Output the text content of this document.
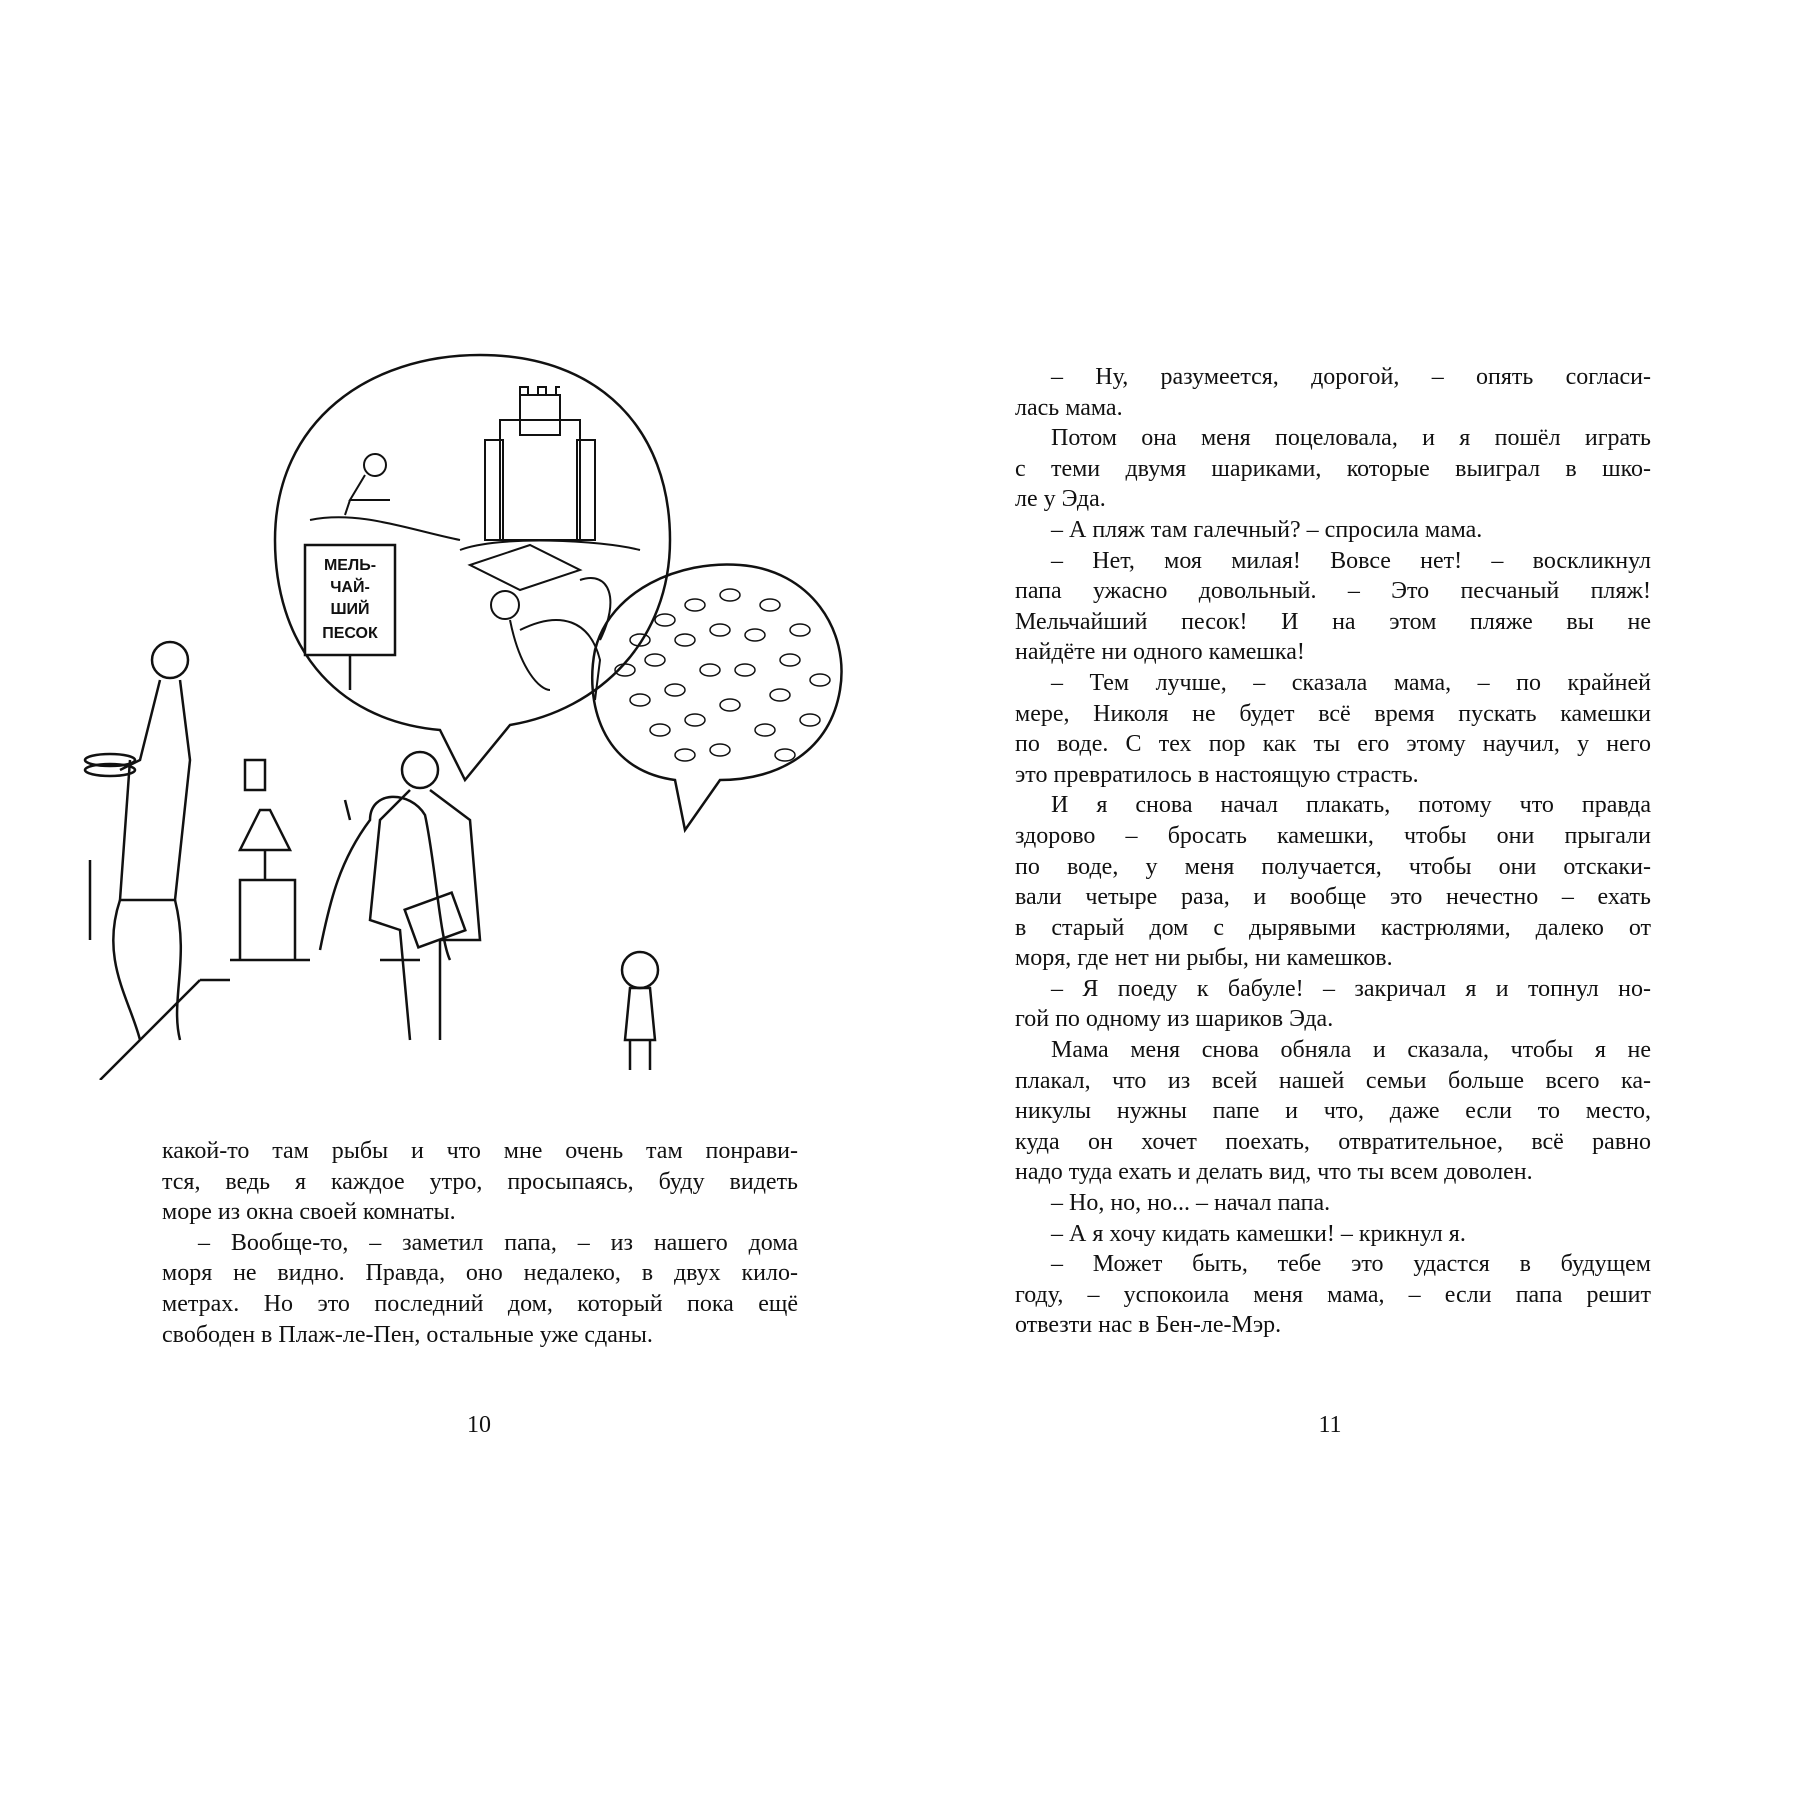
МЕЛЬ-
ЧАЙ-
ШИЙ
ПЕСОК
какой-то там рыбы и что мне очень там понрави-
тся, ведь я каждое утро, просыпаясь, буду видеть
море из окна своей комнаты.
– Вообще-то, – заметил папа, – из нашего дома
моря не видно. Правда, оно недалеко, в двух кило-
метрах. Но это последний дом, который пока ещё
свободен в Плаж-ле-Пен, остальные уже сданы.
– Ну, разумеется, дорогой, – опять согласи-
лась мама.
Потом она меня поцеловала, и я пошёл играть
с теми двумя шариками, которые выиграл в шко-
ле у Эда.
– А пляж там галечный? – спросила мама.
– Нет, моя милая! Вовсе нет! – воскликнул
папа ужасно довольный. – Это песчаный пляж!
Мельчайший песок! И на этом пляже вы не
найдёте ни одного камешка!
– Тем лучше, – сказала мама, – по крайней
мере, Николя не будет всё время пускать камешки
по воде. С тех пор как ты его этому научил, у него
это превратилось в настоящую страсть.
И я снова начал плакать, потому что правда
здорово – бросать камешки, чтобы они прыгали
по воде, у меня получается, чтобы они отскаки-
вали четыре раза, и вообще это нечестно – ехать
в старый дом с дырявыми кастрюлями, далеко от
моря, где нет ни рыбы, ни камешков.
– Я поеду к бабуле! – закричал я и топнул но-
гой по одному из шариков Эда.
Мама меня снова обняла и сказала, чтобы я не
плакал, что из всей нашей семьи больше всего ка-
никулы нужны папе и что, даже если то место,
куда он хочет поехать, отвратительное, всё равно
надо туда ехать и делать вид, что ты всем доволен.
– Но, но, но... – начал папа.
– А я хочу кидать камешки! – крикнул я.
– Может быть, тебе это удастся в будущем
году, – успокоила меня мама, – если папа решит
отвезти нас в Бен-ле-Мэр.
10	11
